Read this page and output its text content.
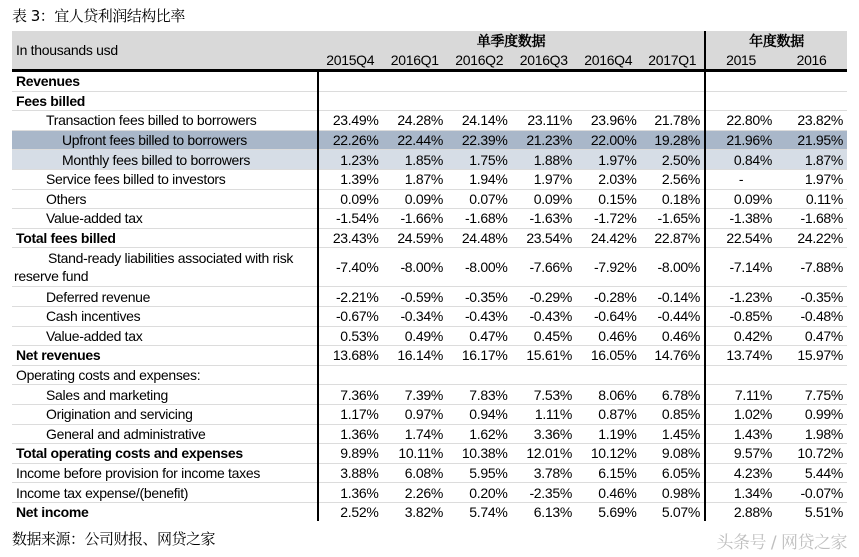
表 3：宜人贷利润结构比率
In thousands usd	单季度数据						年度数据	
	2015Q4	2016Q1	2016Q2	2016Q3	2016Q4	2017Q1	2015	2016
Revenues								
Fees billed								
Transaction fees billed to borrowers	23.49%	24.28%	24.14%	23.11%	23.96%	21.78%	22.80%	23.82%
Upfront fees billed to borrowers	22.26%	22.44%	22.39%	21.23%	22.00%	19.28%	21.96%	21.95%
Monthly fees billed to borrowers	1.23%	1.85%	1.75%	1.88%	1.97%	2.50%	0.84%	1.87%
Service fees billed to investors	1.39%	1.87%	1.94%	1.97%	2.03%	2.56%	-	1.97%
Others	0.09%	0.09%	0.07%	0.09%	0.15%	0.18%	0.09%	0.11%
Value-added tax	-1.54%	-1.66%	-1.68%	-1.63%	-1.72%	-1.65%	-1.38%	-1.68%
Total fees billed	23.43%	24.59%	24.48%	23.54%	24.42%	22.87%	22.54%	24.22%
Stand-ready liabilities associated with risk reserve fund	-7.40%	-8.00%	-8.00%	-7.66%	-7.92%	-8.00%	-7.14%	-7.88%
Deferred revenue	-2.21%	-0.59%	-0.35%	-0.29%	-0.28%	-0.14%	-1.23%	-0.35%
Cash incentives	-0.67%	-0.34%	-0.43%	-0.43%	-0.64%	-0.44%	-0.85%	-0.48%
Value-added tax	0.53%	0.49%	0.47%	0.45%	0.46%	0.46%	0.42%	0.47%
Net revenues	13.68%	16.14%	16.17%	15.61%	16.05%	14.76%	13.74%	15.97%
Operating costs and expenses:								
Sales and marketing	7.36%	7.39%	7.83%	7.53%	8.06%	6.78%	7.11%	7.75%
Origination and servicing	1.17%	0.97%	0.94%	1.11%	0.87%	0.85%	1.02%	0.99%
General and administrative	1.36%	1.74%	1.62%	3.36%	1.19%	1.45%	1.43%	1.98%
Total operating costs and expenses	9.89%	10.11%	10.38%	12.01%	10.12%	9.08%	9.57%	10.72%
Income before provision for income taxes	3.88%	6.08%	5.95%	3.78%	6.15%	6.05%	4.23%	5.44%
Income tax expense/(benefit)	1.36%	2.26%	0.20%	-2.35%	0.46%	0.98%	1.34%	-0.07%
Net income	2.52%	3.82%	5.74%	6.13%	5.69%	5.07%	2.88%	5.51%
数据来源：公司财报、网贷之家	头条号 / 网贷之家
